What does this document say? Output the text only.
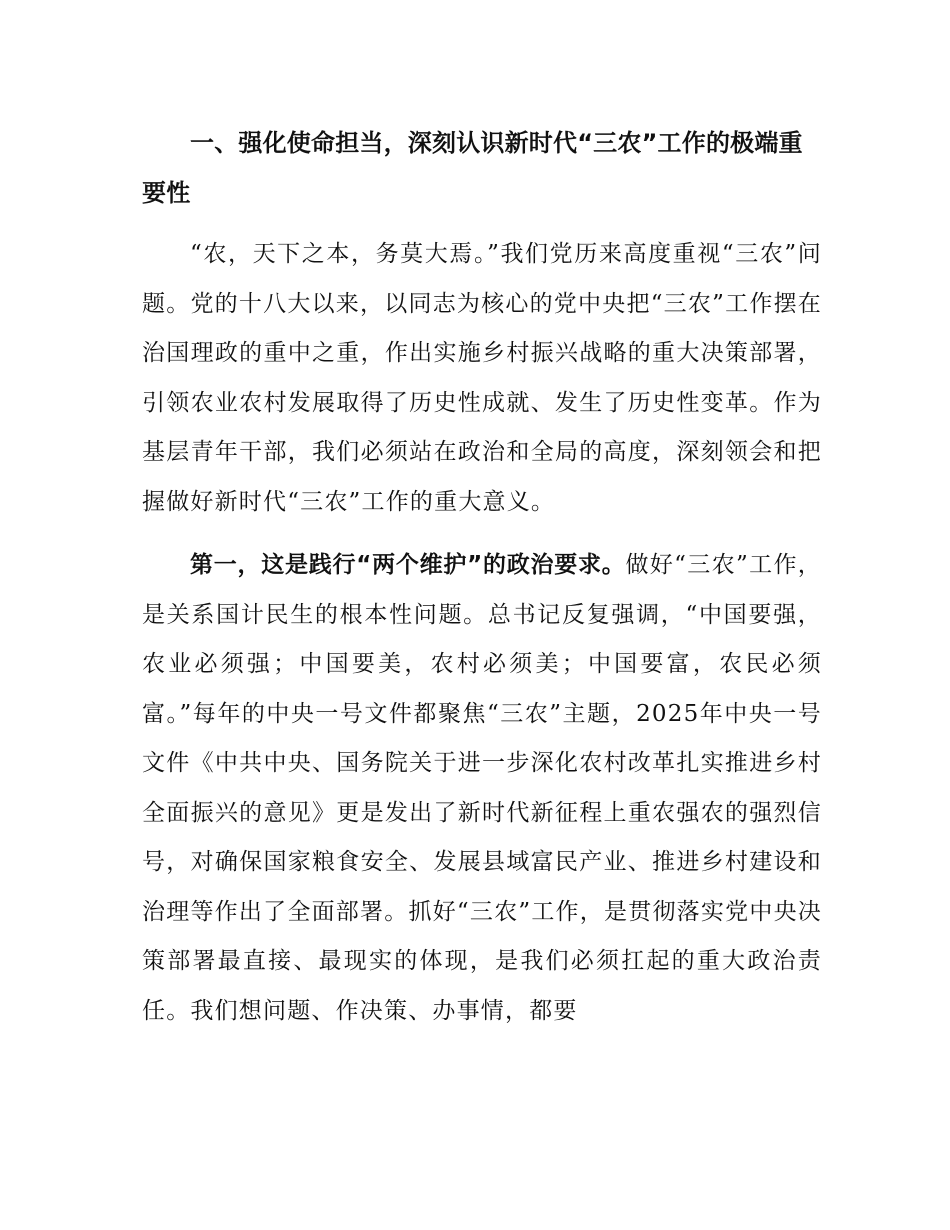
一、强化使命担当，深刻认识新时代“三农”工作的极端重要性

“农，天下之本，务莫大焉。”我们党历来高度重视“三农”问题。党的十八大以来，以同志为核心的党中央把“三农”工作摆在治国理政的重中之重，作出实施乡村振兴战略的重大决策部署，引领农业农村发展取得了历史性成就、发生了历史性变革。作为基层青年干部，我们必须站在政治和全局的高度，深刻领会和把握做好新时代“三农”工作的重大意义。

第一，这是践行“两个维护”的政治要求。做好“三农”工作，是关系国计民生的根本性问题。总书记反复强调，“中国要强，农业必须强；中国要美，农村必须美；中国要富，农民必须富。”每年的中央一号文件都聚焦“三农”主题，2025年中央一号文件《中共中央、国务院关于进一步深化农村改革扎实推进乡村全面振兴的意见》更是发出了新时代新征程上重农强农的强烈信号，对确保国家粮食安全、发展县域富民产业、推进乡村建设和治理等作出了全面部署。抓好“三农”工作，是贯彻落实党中央决策部署最直接、最现实的体现，是我们必须扛起的重大政治责任。我们想问题、作决策、办事情，都要
